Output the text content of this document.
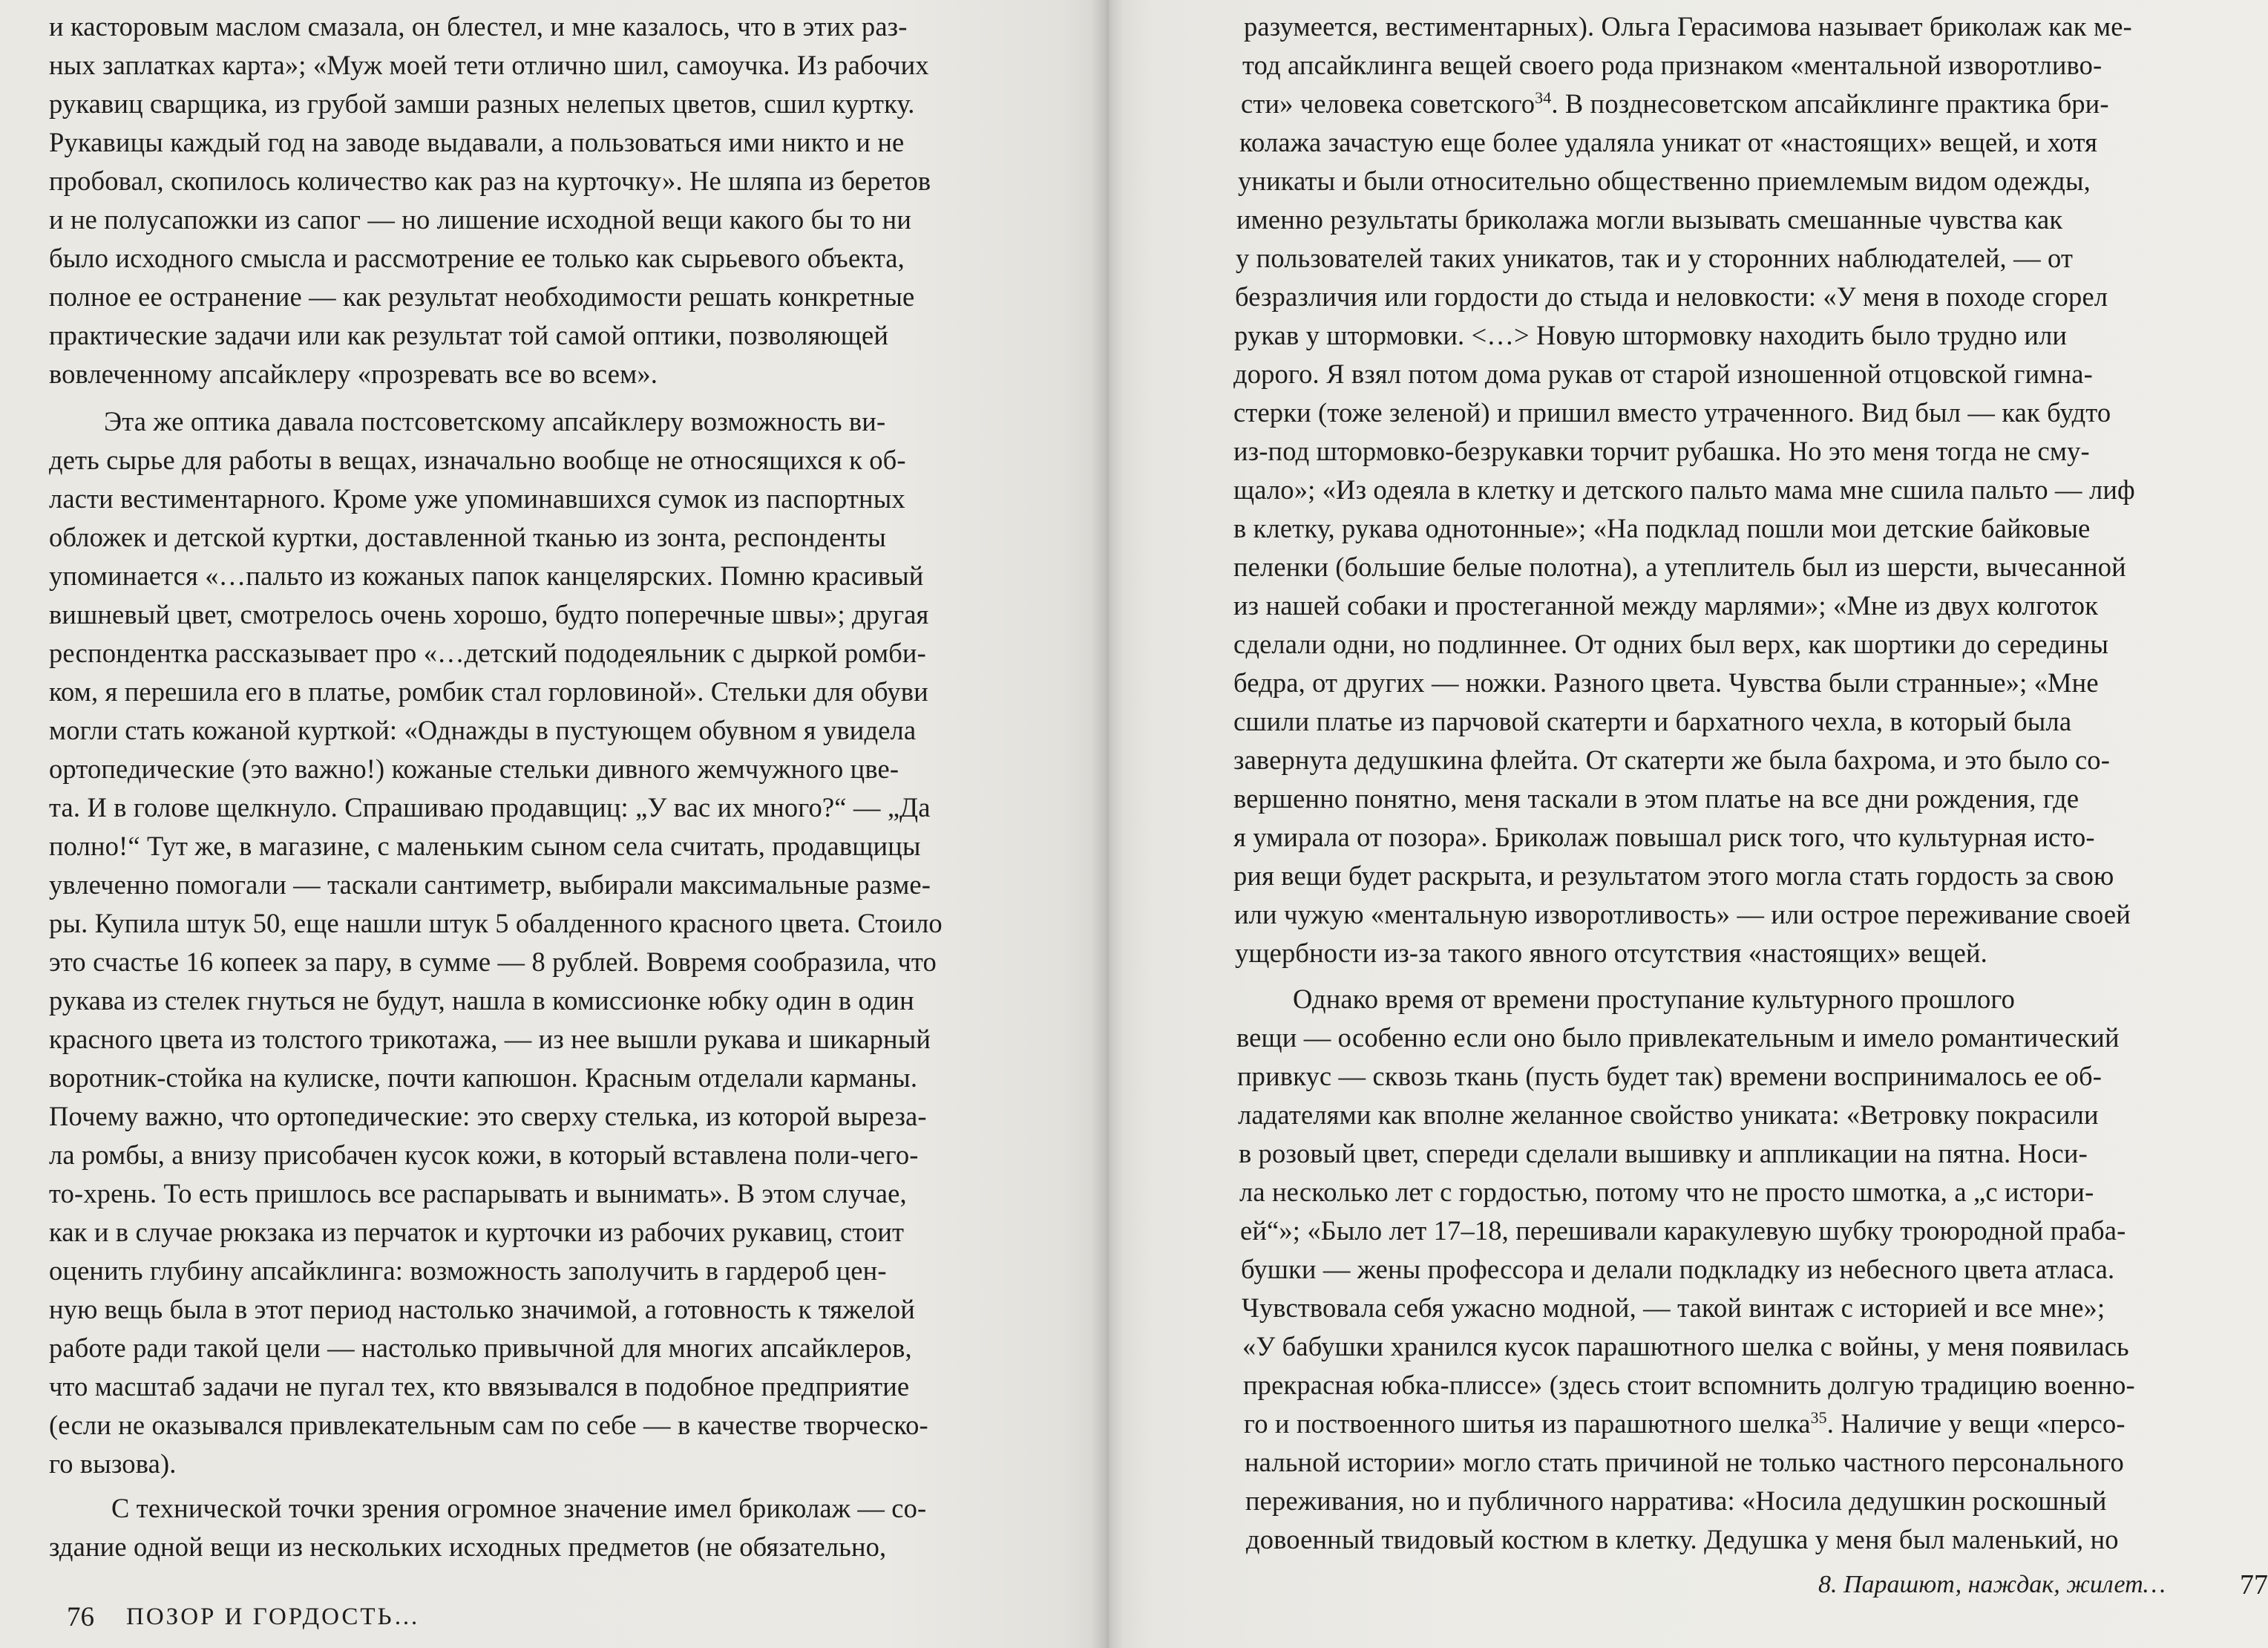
и касторовым маслом смазала, он блестел, и мне казалось, что в этих раз-
ных заплатках карта»; «Муж моей тети отлично шил, самоучка. Из рабочих
рукавиц сварщика, из грубой замши разных нелепых цветов, сшил куртку.
Рукавицы каждый год на заводе выдавали, а пользоваться ими никто и не
пробовал, скопилось количество как раз на курточку». Не шляпа из беретов
и не полусапожки из сапог — но лишение исходной вещи какого бы то ни
было исходного смысла и рассмотрение ее только как сырьевого объекта,
полное ее остранение — как результат необходимости решать конкретные
практические задачи или как результат той самой оптики, позволяющей
вовлеченному апсайклеру «прозревать все во всем».
Эта же оптика давала постсоветскому апсайклеру возможность ви-
деть сырье для работы в вещах, изначально вообще не относящихся к об-
ласти вестиментарного. Кроме уже упоминавшихся сумок из паспортных
обложек и детской куртки, доставленной тканью из зонта, респонденты
упоминается «…пальто из кожаных папок канцелярских. Помню красивый
вишневый цвет, смотрелось очень хорошо, будто поперечные швы»; другая
респондентка рассказывает про «…детский пододеяльник с дыркой ромби-
ком, я перешила его в платье, ромбик стал горловиной». Стельки для обуви
могли стать кожаной курткой: «Однажды в пустующем обувном я увидела
ортопедические (это важно!) кожаные стельки дивного жемчужного цве-
та. И в голове щелкнуло. Спрашиваю продавщиц: „У вас их много?“ — „Да
полно!“ Тут же, в магазине, с маленьким сыном села считать, продавщицы
увлеченно помогали — таскали сантиметр, выбирали максимальные разме-
ры. Купила штук 50, еще нашли штук 5 обалденного красного цвета. Стоило
это счастье 16 копеек за пару, в сумме — 8 рублей. Вовремя сообразила, что
рукава из стелек гнуться не будут, нашла в комиссионке юбку один в один
красного цвета из толстого трикотажа, — из нее вышли рукава и шикарный
воротник-стойка на кулиске, почти капюшон. Красным отделали карманы.
Почему важно, что ортопедические: это сверху стелька, из которой выреза-
ла ромбы, а внизу присобачен кусок кожи, в который вставлена поли-чего-
то-хрень. То есть пришлось все распарывать и вынимать». В этом случае,
как и в случае рюкзака из перчаток и курточки из рабочих рукавиц, стоит
оценить глубину апсайклинга: возможность заполучить в гардероб цен-
ную вещь была в этот период настолько значимой, а готовность к тяжелой
работе ради такой цели — настолько привычной для многих апсайклеров,
что масштаб задачи не пугал тех, кто ввязывался в подобное предприятие
(если не оказывался привлекательным сам по себе — в качестве творческо-
го вызова).
С технической точки зрения огромное значение имел бриколаж — со-
здание одной вещи из нескольких исходных предметов (не обязательно,
76 ПОЗОР И ГОРДОСТЬ…
разумеется, вестиментарных). Ольга Герасимова называет бриколаж как ме-
тод апсайклинга вещей своего рода признаком «ментальной изворотливо-
сти» человека советского$^{34}$. В позднесоветском апсайклинге практика бри-
колажа зачастую еще более удаляла уникат от «настоящих» вещей, и хотя
уникаты и были относительно общественно приемлемым видом одежды,
именно результаты бриколажа могли вызывать смешанные чувства как
у пользователей таких уникатов, так и у сторонних наблюдателей, — от
безразличия или гордости до стыда и неловкости: «У меня в походе сгорел
рукав у штормовки. <…> Новую штормовку находить было трудно или
дорого. Я взял потом дома рукав от старой изношенной отцовской гимна-
стерки (тоже зеленой) и пришил вместо утраченного. Вид был — как будто
из-под штормовко-безрукавки торчит рубашка. Но это меня тогда не сму-
щало»; «Из одеяла в клетку и детского пальто мама мне сшила пальто — лиф
в клетку, рукава однотонные»; «На подклад пошли мои детские байковые
пеленки (большие белые полотна), а утеплитель был из шерсти, вычесанной
из нашей собаки и простеганной между марлями»; «Мне из двух колготок
сделали одни, но подлиннее. От одних был верх, как шортики до середины
бедра, от других — ножки. Разного цвета. Чувства были странные»; «Мне
сшили платье из парчовой скатерти и бархатного чехла, в который была
завернута дедушкина флейта. От скатерти же была бахрома, и это было со-
вершенно понятно, меня таскали в этом платье на все дни рождения, где
я умирала от позора». Бриколаж повышал риск того, что культурная исто-
рия вещи будет раскрыта, и результатом этого могла стать гордость за свою
или чужую «ментальную изворотливость» — или острое переживание своей
ущербности из-за такого явного отсутствия «настоящих» вещей.
Однако время от времени проступание культурного прошлого
вещи — особенно если оно было привлекательным и имело романтический
привкус — сквозь ткань (пусть будет так) времени воспринималось ее об-
ладателями как вполне желанное свойство униката: «Ветровку покрасили
в розовый цвет, спереди сделали вышивку и аппликации на пятна. Носи-
ла несколько лет с гордостью, потому что не просто шмотка, а „с истори-
ей“»; «Было лет 17–18, перешивали каракулевую шубку троюродной праба-
бушки — жены профессора и делали подкладку из небесного цвета атласа.
Чувствовала себя ужасно модной, — такой винтаж с историей и все мне»;
«У бабушки хранился кусок парашютного шелка с войны, у меня появилась
прекрасная юбка-плиссе» (здесь стоит вспомнить долгую традицию военно-
го и поствоенного шитья из парашютного шелка$^{35}$. Наличие у вещи «персо-
нальной истории» могло стать причиной не только частного персонального
переживания, но и публичного нарратива: «Носила дедушкин роскошный
довоенный твидовый костюм в клетку. Дедушка у меня был маленький, но
8. Парашют, наждак, жилет…	77
